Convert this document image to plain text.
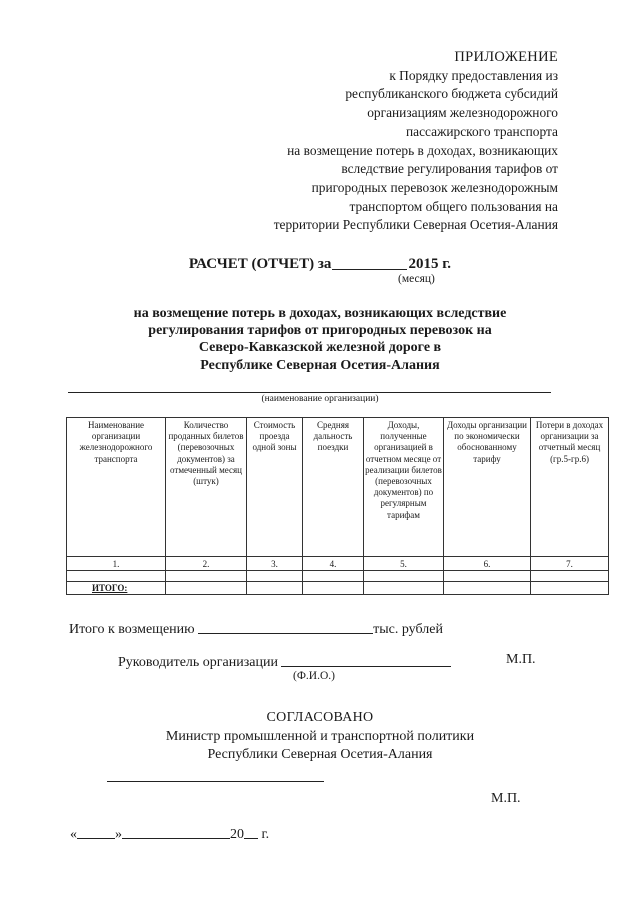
ПРИЛОЖЕНИЕ
к Порядку предоставления из
республиканского бюджета субсидий
организациям железнодорожного
пассажирского транспорта
на возмещение потерь в доходах, возникающих
вследствие регулирования тарифов от
пригородных перевозок железнодорожным
транспортом общего пользования на
территории Республики Северная Осетия-Алания
РАСЧЕТ (ОТЧЕТ) за	2015 г.
(месяц)
на возмещение потерь в доходах, возникающих вследствие
регулирования тарифов от пригородных перевозок на
Северо-Кавказской железной дороге в
Республике Северная Осетия-Алания
(наименование организации)
Наименование организации железнодорожного транспорта	Количество проданных билетов (перевозочных документов) за отмеченный месяц (штук)	Стоимость проезда одной зоны	Средняя дальность поездки	Доходы, полученные организацией в отчетном месяце от реализации билетов (перевозочных документов) по регулярным тарифам	Доходы организации по экономически обоснованному тарифу	Потери в доходах организации за отчетный месяц (гр.5-гр.6)
1.	2.	3.	4.	5.	6.	7.

ИТОГО:						
Итого к возмещению	тыс. рублей
Руководитель организации	М.П.
(Ф.И.О.)
СОГЛАСОВАНО
Министр промышленной и транспортной политики
Республики Северная Осетия-Алания
М.П.
«	»	20 г.
